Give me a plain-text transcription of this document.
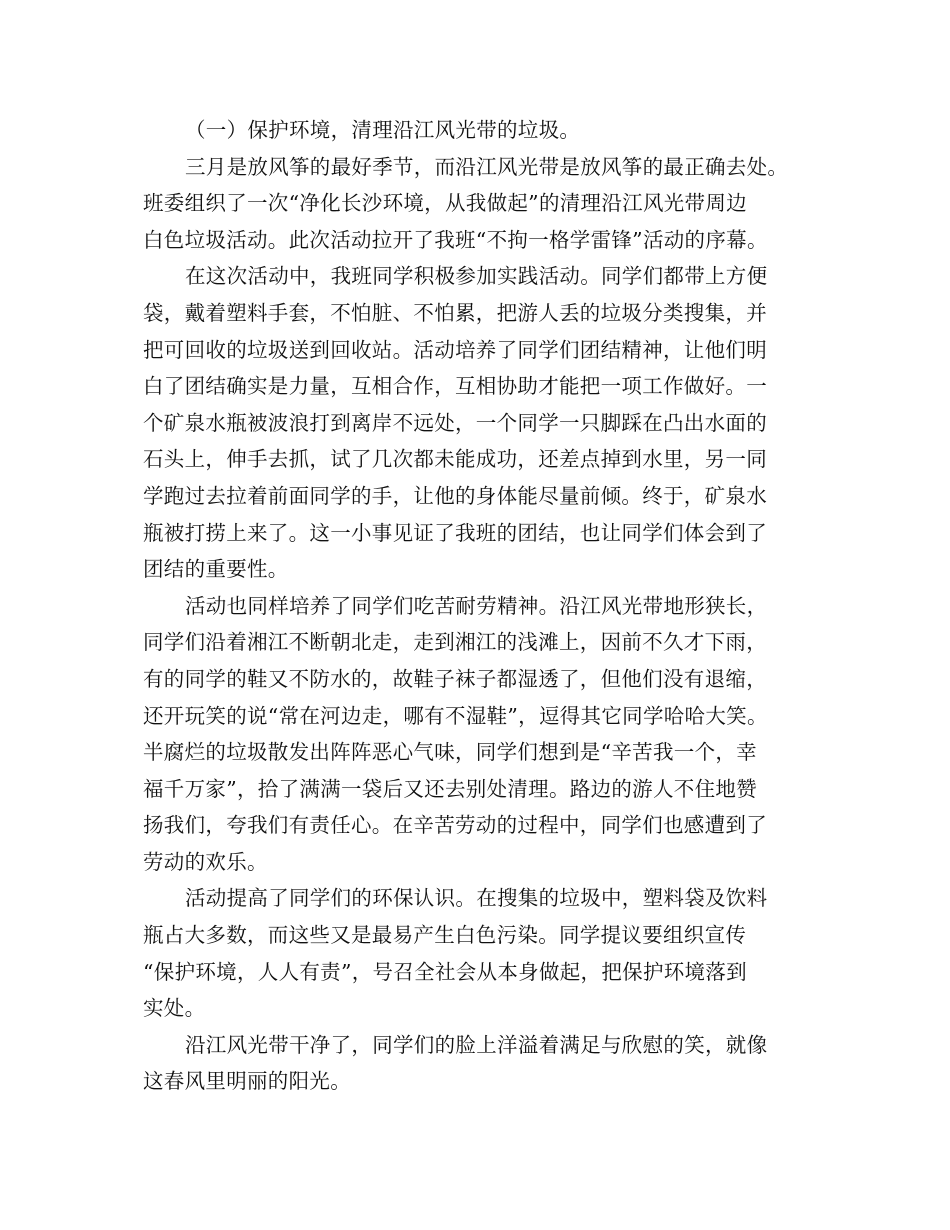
（一）保护环境，清理沿江风光带的垃圾。
三月是放风筝的最好季节，而沿江风光带是放风筝的最正确去处。
班委组织了一次“净化长沙环境，从我做起”的清理沿江风光带周边
白色垃圾活动。此次活动拉开了我班“不拘一格学雷锋”活动的序幕。
在这次活动中，我班同学积极参加实践活动。同学们都带上方便
袋，戴着塑料手套，不怕脏、不怕累，把游人丢的垃圾分类搜集，并
把可回收的垃圾送到回收站。活动培养了同学们团结精神，让他们明
白了团结确实是力量，互相合作，互相协助才能把一项工作做好。一
个矿泉水瓶被波浪打到离岸不远处，一个同学一只脚踩在凸出水面的
石头上，伸手去抓，试了几次都未能成功，还差点掉到水里，另一同
学跑过去拉着前面同学的手，让他的身体能尽量前倾。终于，矿泉水
瓶被打捞上来了。这一小事见证了我班的团结，也让同学们体会到了
团结的重要性。
活动也同样培养了同学们吃苦耐劳精神。沿江风光带地形狭长，
同学们沿着湘江不断朝北走，走到湘江的浅滩上，因前不久才下雨，
有的同学的鞋又不防水的，故鞋子袜子都湿透了，但他们没有退缩，
还开玩笑的说“常在河边走，哪有不湿鞋”，逗得其它同学哈哈大笑。
半腐烂的垃圾散发出阵阵恶心气味，同学们想到是“辛苦我一个，幸
福千万家”，拾了满满一袋后又还去别处清理。路边的游人不住地赞
扬我们，夸我们有责任心。在辛苦劳动的过程中，同学们也感遭到了
劳动的欢乐。
活动提高了同学们的环保认识。在搜集的垃圾中，塑料袋及饮料
瓶占大多数，而这些又是最易产生白色污染。同学提议要组织宣传
“保护环境，人人有责”，号召全社会从本身做起，把保护环境落到
实处。
沿江风光带干净了，同学们的脸上洋溢着满足与欣慰的笑，就像
这春风里明丽的阳光。
